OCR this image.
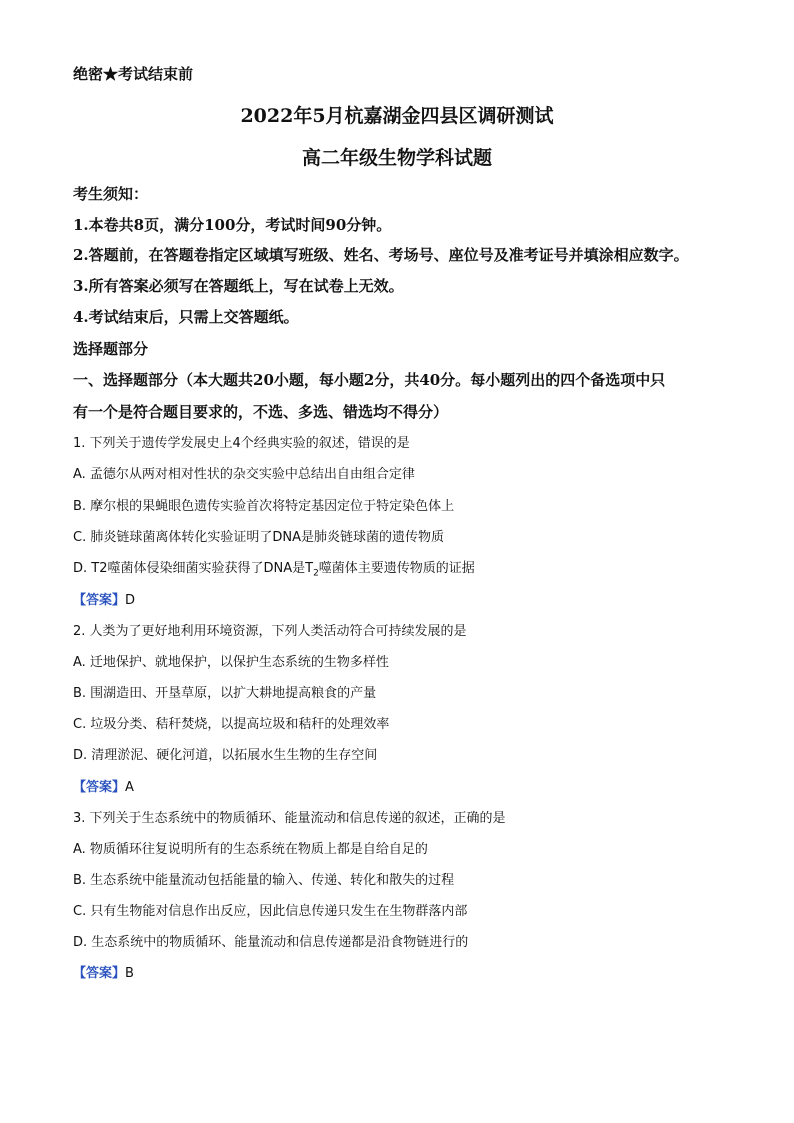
绝密★考试结束前
2022年5月杭嘉湖金四县区调研测试
高二年级生物学科试题
考生须知：
1.本卷共8页，满分100分，考试时间90分钟。
2.答题前，在答题卷指定区域填写班级、姓名、考场号、座位号及准考证号并填涂相应数字。
3.所有答案必须写在答题纸上，写在试卷上无效。
4.考试结束后，只需上交答题纸。
选择题部分
一、选择题部分（本大题共20小题，每小题2分，共40分。每小题列出的四个备选项中只
有一个是符合题目要求的，不选、多选、错选均不得分）
1. 下列关于遗传学发展史上4个经典实验的叙述，错误的是
A. 孟德尔从两对相对性状的杂交实验中总结出自由组合定律
B. 摩尔根的果蝇眼色遗传实验首次将特定基因定位于特定染色体上
C. 肺炎链球菌离体转化实验证明了DNA是肺炎链球菌的遗传物质
D. T2噬菌体侵染细菌实验获得了DNA是$T_2$噬菌体主要遗传物质的证据
【答案】D
2. 人类为了更好地利用环境资源，下列人类活动符合可持续发展的是
A. 迁地保护、就地保护，以保护生态系统的生物多样性
B. 围湖造田、开垦草原，以扩大耕地提高粮食的产量
C. 垃圾分类、秸秆焚烧，以提高垃圾和秸秆的处理效率
D. 清理淤泥、硬化河道，以拓展水生生物的生存空间
【答案】A
3. 下列关于生态系统中的物质循环、能量流动和信息传递的叙述，正确的是
A. 物质循环往复说明所有的生态系统在物质上都是自给自足的
B. 生态系统中能量流动包括能量的输入、传递、转化和散失的过程
C. 只有生物能对信息作出反应，因此信息传递只发生在生物群落内部
D. 生态系统中的物质循环、能量流动和信息传递都是沿食物链进行的
【答案】B
